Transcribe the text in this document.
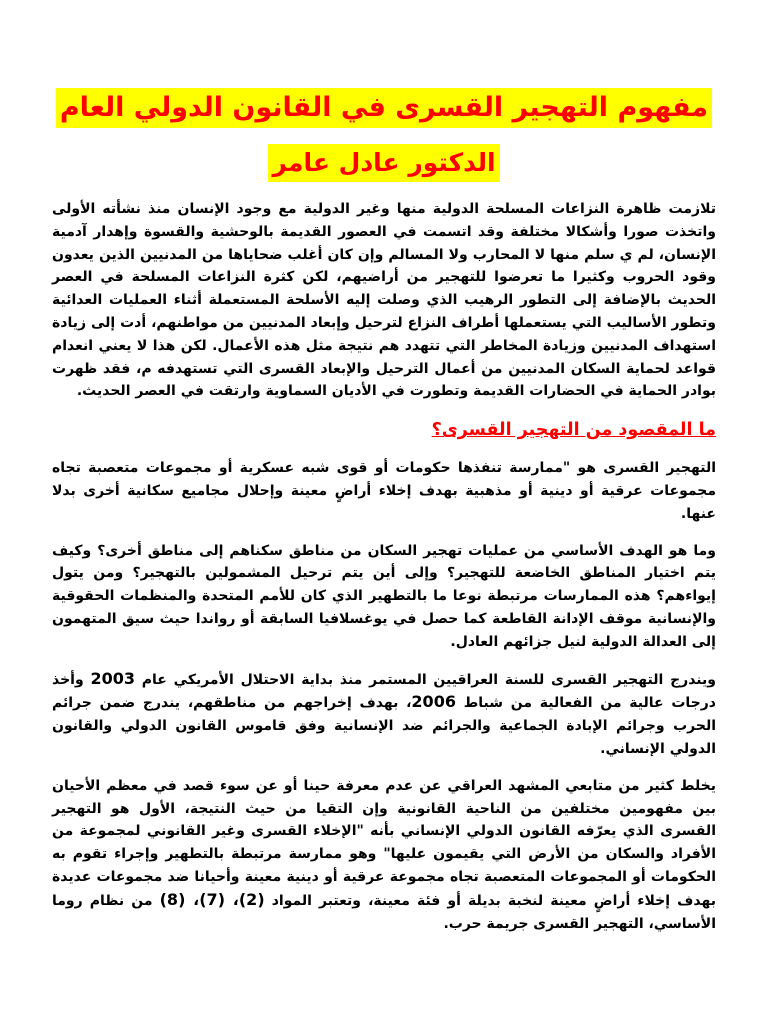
مفهوم التهجير القسرى في القانون الدولي العام
الدكتور عادل عامر

تلازمت ظاهرة النزاعات المسلحة الدولية منها وغير الدولية مع وجود الإنسان منذ نشأته الأولى واتخذت صورا وأشكالا مختلفة وقد اتسمت في العصور القديمة بالوحشية والقسوة وإهدار آدمية الإنسان، لم ي سلم منها لا المحارب ولا المسالم وإن كان أغلب ضحاياها من المدنيين الذين يعدون وقود الحروب وكثيرا ما تعرضوا للتهجير من أراضيهم، لكن كثرة النزاعات المسلحة في العصر الحديث بالإضافة إلى التطور الرهيب الذي وصلت إليه الأسلحة المستعملة أثناء العمليات العدائية وتطور الأساليب التي يستعملها أطراف النزاع لترحيل وإبعاد المدنيين من مواطنهم، أدت إلى زيادة استهداف المدنيين وزيادة المخاطر التي تتهدد هم نتيجة مثل هذه الأعمال. لكن هذا لا يعني انعدام قواعد لحماية السكان المدنيين من أعمال الترحيل والإبعاد القسرى التي تستهدفه م، فقد ظهرت بوادر الحماية في الحضارات القديمة وتطورت في الأديان السماوية وارتقت في العصر الحديث.

ما المقصود من التهجير القسرى؟

التهجير القسرى هو "ممارسة تنفذها حكومات أو قوى شبه عسكرية أو مجموعات متعصبة تجاه مجموعات عرقية أو دينية أو مذهبية بهدف إخلاء أراضٍ معينة وإحلال مجاميع سكانية أخرى بدلا عنها.

وما هو الهدف الأساسي من عمليات تهجير السكان من مناطق سكناهم إلى مناطق أخرى؟ وكيف يتم اختيار المناطق الخاضعة للتهجير؟ وإلى أين يتم ترحيل المشمولين بالتهجير؟ ومن يتول إيواءهم؟ هذه الممارسات مرتبطة نوعا ما بالتطهير الذي كان للأمم المتحدة والمنظمات الحقوقية والإنسانية موقف الإدانة القاطعة كما حصل في يوغسلافيا السابقة أو رواندا حيث سيق المتهمون إلى العدالة الدولية لنيل جزائهم العادل.

ويندرج التهجير القسرى للسنة العراقيين المستمر منذ بداية الاحتلال الأمريكي عام 2003 وأخذ درجات عالية من الفعالية من شباط 2006، بهدف إخراجهم من مناطقهم، يندرج ضمن جرائم الحرب وجرائم الإبادة الجماعية والجرائم ضد الإنسانية وفق قاموس القانون الدولي والقانون الدولي الإنساني.

يخلط كثير من متابعي المشهد العراقي عن عدم معرفة حينا أو عن سوء قصد في معظم الأحيان بين مفهومين مختلفين من الناحية القانونية وإن التقيا من حيث النتيجة، الأول هو التهجير القسرى الذي يعرّفه القانون الدولي الإنساني بأنه "الإخلاء القسرى وغير القانوني لمجموعة من الأفراد والسكان من الأرض التي يقيمون عليها" وهو ممارسة مرتبطة بالتطهير وإجراء تقوم به الحكومات أو المجموعات المتعصبة تجاه مجموعة عرقية أو دينية معينة وأحيانا ضد مجموعات عديدة بهدف إخلاء أراضٍ معينة لنخبة بديلة أو فئة معينة، وتعتبر المواد (2)، (7)، (8) من نظام روما الأساسي، التهجير القسرى جريمة حرب.
